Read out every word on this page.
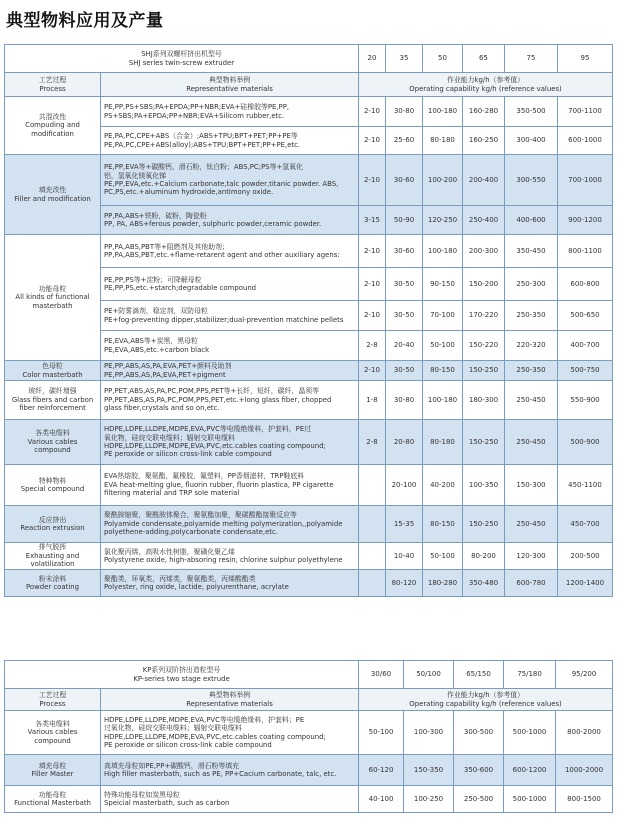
典型物料应用及产量
SHJ系列双螺杆挤出机型号
SHJ series twin-screw extruder		20	35	50	65	75	95

工艺过程
Process	典型物料举例
Representative materials	作业能力kg/h（参考值）
Operating capability kg/h (reference values)					

共混改性
Compuding and
modification	PE,PP,PS+SBS;PA+EPDA;PP+NBR;EVA+硅橡胶等PE,PP,
PS+SBS;PA+EPDA;PP+NBR;EVA+Silicom rubber,etc.	2-10	30-80	100-180	160-280	350-500	700-1100

	PE,PA,PC,CPE+ABS（合金）;ABS+TPU;BPT+PET;PP+PE等
PE,PA,PC,CPE+ABS(alloy);ABS+TPU;BPT+PET;PP+PE,etc.	2-10	25-60	80-180	160-250	300-400	600-1000

填充改性
Filler and modification	PE,PP,EVA等+碳酸钙，滑石粉，钛白粉；ABS,PC;PS等+氢氧化
铝，氢氧化镁氧化锑
PE,PP,EVA,etc.+Calcium carbonate,talc powder,titanic powder. ABS,
PC,PS,etc.+aluminum hydroxide,antimony oxide.	2-10	30-60	100-200	200-400	300-550	700-1000

	PP,PA,ABS+铁粉，硫粉，陶瓷粉
PP, PA, ABS+ferous powder, sulphuric powder,ceramic powder.	3-15	50-90	120-250	250-400	400-600	900-1200

功能母粒
All kinds of functional
masterbath	PP,PA,ABS,PBT等+阻燃剂及其他助剂；
PP,PA,ABS,PBT,etc.+flame-retarent agent and other auxiliary agens:	2-10	30-60	100-180	200-300	350-450	800-1100

	PE,PP,PS等+淀粉；可降解母粒
PE,PP,PS,etc.+starch;degradable compound	2-10	30-50	90-150	150-200	250-300	600-800

	PE+防雾滴剂，稳定剂，双防母粒
PE+fog-preventing dipper,stabilizer;dual-prevention matchine pellets	2-10	30-50	70-100	170-220	250-350	500-650

	PE,EVA,ABS等+炭黑，黑母粒
PE,EVA,ABS,etc.+carbon black	2-8	20-40	50-100	150-220	220-320	400-700

色母粒
Color masterbath	PE,PP,ABS,AS,PA,EVA,PET+颜料及助剂
PE,PP,ABS,AS,PA,EVA,PET+pigment	2-10	30-50	80-150	150-250	250-350	500-750

玻纤，碳纤增强
Glass fibers and carbon
fiber reinforcement	PP,PET,ABS,AS,PA,PC,POM,PPS,PET等+长纤，短纤，碳纤，晶须等
PP,PET,ABS,AS,PA,PC,POM,PPS,PET,etc.+long glass fiber, chopped
glass fiber,crystals and so on,etc.	1-8	30-80	100-180	180-300	250-450	550-900

各类电缆料
Various cables
compound	HDPE,LDPE,LLDPE,MDPE,EVA,PVC等电缆绝缘料，护套料，PE过
氧化物，硅烷交联电缆料；辐射交联电缆料
HDPE,LDPE,LLDPE,MDPE,EVA,PVC,etc.cables coating compound;
PE peroxide or silicon cross-link cable compound	2-8	20-80	80-180	150-250	250-450	500-900

特种物料
Special compound	EVA热熔胶，聚氨酯，氟橡胶，氟塑料，PP香烟滤材，TRP鞋底料
EVA heat-melting glue, fluorin rubber, fluorin plastica, PP cigarette
filtering material and TRP sole material		20-100	40-200	100-350	150-300	450-1100

反应挤出
Reaction extrusion	聚酰胺缩聚，聚酰胺体聚合，聚氨酯加聚，聚碳酸酯接聚反应等
Polyamide condensate,polyamide melting polymerization,,polyamide
polyethene-adding,polycarbonate condensate,etc.		15-35	80-150	150-250	250-450	450-700

排气脱挥
Exhausting and volatilization	氯化聚丙烯，高吸水性树脂，聚磺化聚乙烯
Polystyrene oxide, high-absoring resin, chlorine sulphur polyethylene		10-40	50-100	80-200	120-300	200-500

粉末涂料
Powder coating	聚酯类，环氧类，丙烯类，聚氨酯类，丙烯酸酯类
Polyester, ring oxide, lactide, polyurenthane, acrylate		80-120	180-280	350-480	600-780	1200-1400
KP系列双阶挤出造粒型号
KP-series two stage extrude		30/60	50/100	65/150	75/180	95/200

工艺过程
Process	典型物料举例
Representative materials	作业能力kg/h（参考值）
Operating capability kg/h (reference values)				

各类电缆料
Various cables
compound	HDPE,LDPE,LLDPE,MDPE,EVA,PVC等电缆绝缘料，护套料；PE
过氧化物，硅烷交联电缆料；辐射交联电缆料
HDPE,LDPE,LLDPE,MDPE,EVA,PVC,etc.cables coating compound;
PE peroxide or silicon cross-link cable compound	50-100	100-300	300-500	500-1000	800-2000

填充母粒
Filler Master	高填充母粒如PE,PP+碳酸钙，滑石粉等填充
High filler masterbath, such as PE, PP+Cacium carbonate, talc, etc.	60-120	150-350	350-600	600-1200	1000-2000

功能母粒
Functional Masterbath	特殊功能母粒如炭黑母粒
Speicial masterbath, such as carbon	40-100	100-250	250-500	500-1000	800-1500
